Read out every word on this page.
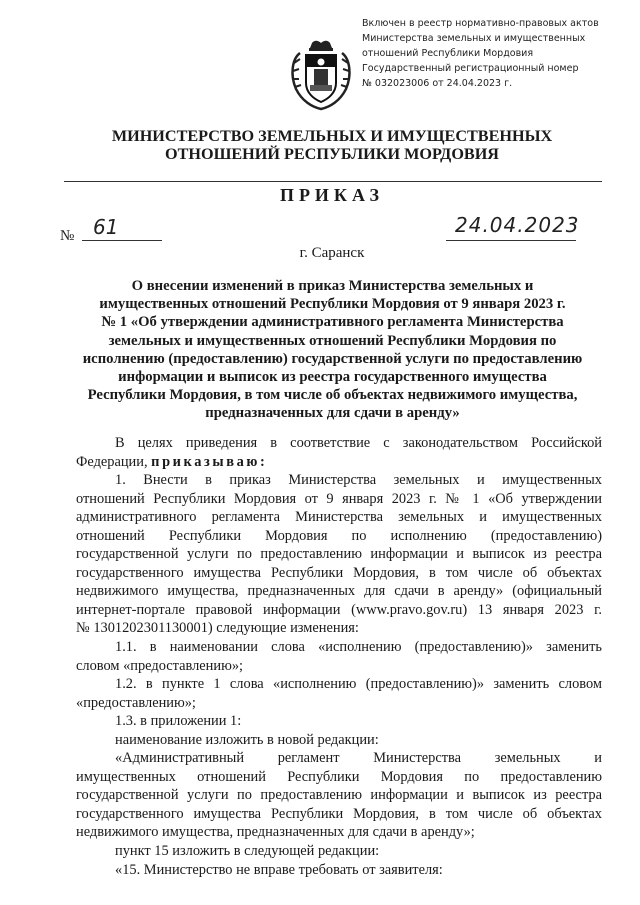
Включен в реестр нормативно-правовых актов
Министерства земельных и имущественных
отношений Республики Мордовия
Государственный регистрационный номер
№ 032023006 от 24.04.2023 г.
МИНИСТЕРСТВО ЗЕМЕЛЬНЫХ И ИМУЩЕСТВЕННЫХ
ОТНОШЕНИЙ РЕСПУБЛИКИ МОРДОВИЯ
ПРИКАЗ
№ 61	24.04.2023
г. Саранск
О внесении изменений в приказ Министерства земельных и
имущественных отношений Республики Мордовия от 9 января 2023 г.
№ 1 «Об утверждении административного регламента Министерства
земельных и имущественных отношений Республики Мордовия по
исполнению (предоставлению) государственной услуги по предоставлению
информации и выписок из реестра государственного имущества
Республики Мордовия, в том числе об объектах недвижимого имущества,
предназначенных для сдачи в аренду»
В целях приведения в соответствие с законодательством Российской
Федерации, приказываю:
1. Внести в приказ Министерства земельных и имущественных
отношений Республики Мордовия от 9 января 2023 г. № 1 «Об утверждении
административного регламента Министерства земельных и имущественных
отношений Республики Мордовия по исполнению (предоставлению)
государственной услуги по предоставлению информации и выписок из реестра
государственного имущества Республики Мордовия, в том числе об объектах
недвижимого имущества, предназначенных для сдачи в аренду» (официальный
интернет-портале правовой информации (www.pravo.gov.ru) 13 января 2023 г.
№ 1301202301130001) следующие изменения:
1.1. в наименовании слова «исполнению (предоставлению)» заменить
словом «предоставлению»;
1.2. в пункте 1 слова «исполнению (предоставлению)» заменить словом
«предоставлению»;
1.3. в приложении 1:
наименование изложить в новой редакции:
«Административный регламент Министерства земельных и
имущественных отношений Республики Мордовия по предоставлению
государственной услуги по предоставлению информации и выписок из реестра
государственного имущества Республики Мордовия, в том числе об объектах
недвижимого имущества, предназначенных для сдачи в аренду»;
пункт 15 изложить в следующей редакции:
«15. Министерство не вправе требовать от заявителя:
